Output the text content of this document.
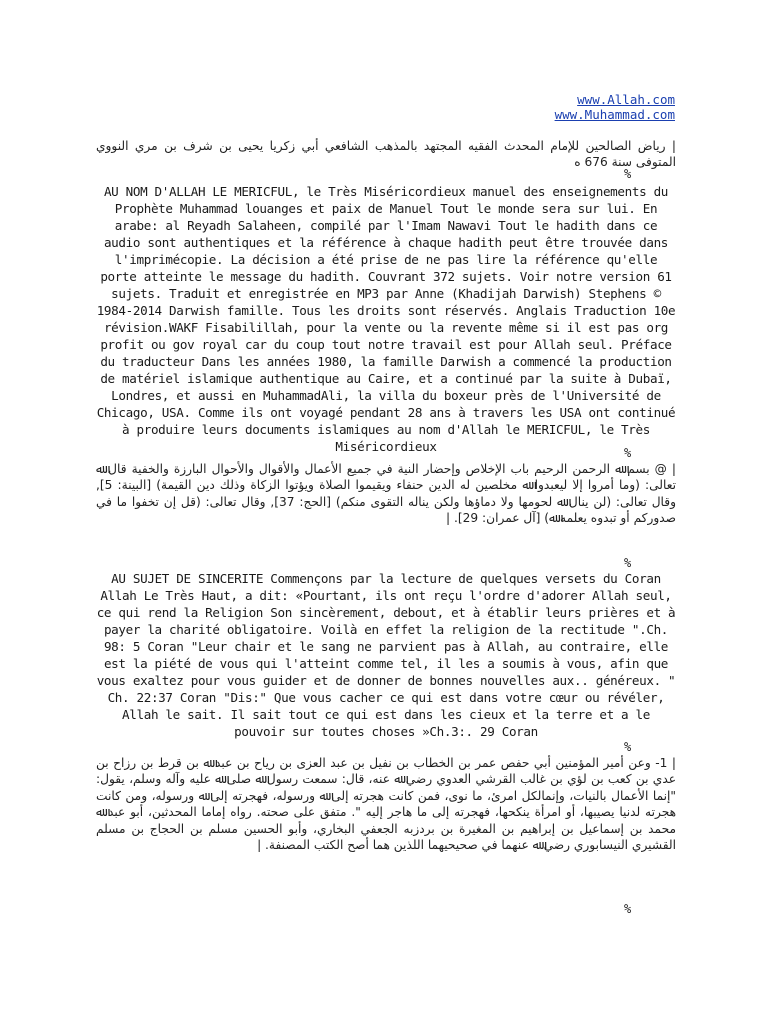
www.Allah.com
www.Muhammad.com
| رياض الصالحين للإمام المحدث الفقيه المجتهد بالمذهب الشافعي أبي زكريا يحيى بن شرف بن مري النووي المتوفى سنة 676 ه
%
AU NOM D'ALLAH LE MERICFUL, le Très Miséricordieux manuel des enseignements du Prophète Muhammad louanges et paix de Manuel Tout le monde sera sur lui. En arabe: al Reyadh Salaheen, compilé par l'Imam Nawavi Tout le hadith dans ce audio sont authentiques et la référence à chaque hadith peut être trouvée dans l'imprimécopie. La décision a été prise de ne pas lire la référence qu'elle porte atteinte le message du hadith. Couvrant 372 sujets. Voir notre version 61 sujets. Traduit et enregistrée en MP3 par Anne (Khadijah Darwish) Stephens © 1984-2014 Darwish famille. Tous les droits sont réservés. Anglais Traduction 10e révision.WAKF Fisabilillah, pour la vente ou la revente même si il est pas org profit ou gov royal car du coup tout notre travail est pour Allah seul. Préface du traducteur Dans les années 1980, la famille Darwish a commencé la production de matériel islamique authentique au Caire, et a continué par la suite à Dubaï, Londres, et aussi en MuhammadAli, la villa du boxeur près de l'Université de Chicago, USA. Comme ils ont voyagé pendant 28 ans à travers les USA ont continué à produire leurs documents islamiques au nom d'Allah le MERICFUL, le Très Miséricordieux	%
| @ بسم ﷲ الرحمن الرحيم باب الإخلاص وإحضار النية في جميع الأعمال والأقوال والأحوال البارزة والخفية قال ﷲ تعالى: (وما أمروا إلا ليعبدوا ﷲ مخلصين له الدين حنفاء ويقيموا الصلاة ويؤتوا الزكاة وذلك دين القيمة) [البينة: 5], وقال تعالى: (لن ينال ﷲ لحومها ولا دماؤها ولكن يناله التقوى منكم) [الحج: 37], وقال تعالى: (قل إن تخفوا ما في صدوركم أو تبدوه يعلمه ﷲ) [آل عمران: 29]. |
%
AU SUJET DE SINCERITE Commençons par la lecture de quelques versets du Coran Allah Le Très Haut, a dit: «Pourtant, ils ont reçu l'ordre d'adorer Allah seul, ce qui rend la Religion Son sincèrement, debout, et à établir leurs prières et à payer la charité obligatoire. Voilà en effet la religion de la rectitude ".Ch. 98: 5 Coran "Leur chair et le sang ne parvient pas à Allah, au contraire, elle est la piété de vous qui l'atteint comme tel, il les a soumis à vous, afin que vous exaltez pour vous guider et de donner de bonnes nouvelles aux.. généreux. " Ch. 22:37 Coran "Dis:" Que vous cacher ce qui est dans votre cœur ou révéler, Allah le sait. Il sait tout ce qui est dans les cieux et la terre et a le pouvoir sur toutes choses »Ch.3:. 29 Coran
%
| 1- وعن أمير المؤمنين أبي حفص عمر بن الخطاب بن نفيل بن عبد العزى بن رياح بن عبد ﷲ بن قرط بن رزاح بن عدي بن كعب بن لؤي بن غالب القرشي العدوي رضي ﷲ عنه، قال: سمعت رسول ﷲ صلى ﷲ عليه وآله وسلم، يقول: "إنما الأعمال بالنيات، وإنمالكل امرئ، ما نوى، فمن كانت هجرته إلى ﷲ ورسوله، فهجرته إلى ﷲ ورسوله، ومن كانت هجرته لدنيا يصيبها، أو امرأة ينكحها، فهجرته إلى ما هاجر إليه ". متفق على صحته. رواه إماما المحدثين، أبو عبد ﷲ محمد بن إسماعيل بن إبراهيم بن المغيرة بن بردزبه الجعفي البخاري، وأبو الحسين مسلم بن الحجاج بن مسلم القشيري النيسابوري رضي ﷲ عنهما في صحيحيهما اللذين هما أصح الكتب المصنفة. |
%
